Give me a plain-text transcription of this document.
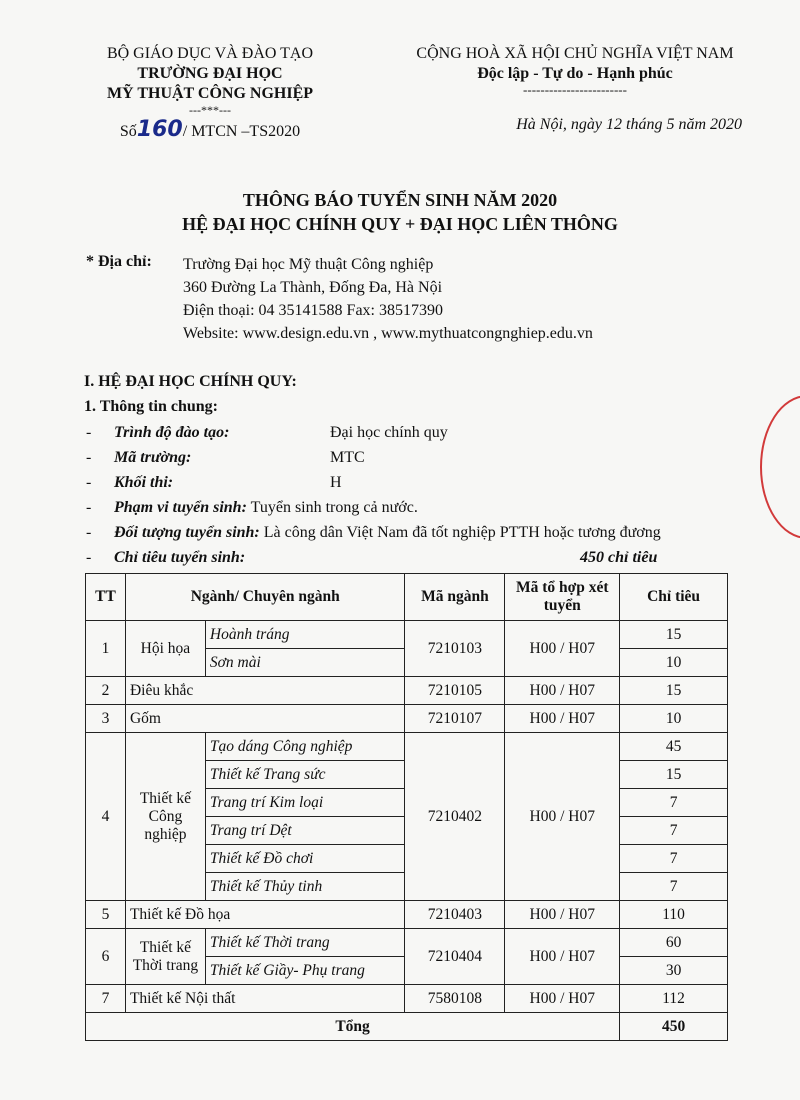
BỘ GIÁO DỤC VÀ ĐÀO TẠO
TRƯỜNG ĐẠI HỌC
MỸ THUẬT CÔNG NGHIỆP
---***---
Số160/ MTCN –TS2020
CỘNG HOÀ XÃ HỘI CHỦ NGHĨA VIỆT NAM
Độc lập - Tự do - Hạnh phúc
------------------------
Hà Nội, ngày 12 tháng 5 năm 2020
THÔNG BÁO TUYỂN SINH NĂM 2020
HỆ ĐẠI HỌC CHÍNH QUY + ĐẠI HỌC LIÊN THÔNG
* Địa chỉ: Trường Đại học Mỹ thuật Công nghiệp
360 Đường La Thành, Đống Đa, Hà Nội
Điện thoại: 04 35141588 Fax: 38517390
Website: www.design.edu.vn , www.mythuatcongnghiep.edu.vn
I. HỆ ĐẠI HỌC CHÍNH QUY:
1. Thông tin chung:
- Trình độ đào tạo:	Đại học chính quy
- Mã trường:	MTC
- Khối thi:	H
- Phạm vi tuyển sinh: Tuyển sinh trong cả nước.
- Đối tượng tuyển sinh: Là công dân Việt Nam đã tốt nghiệp PTTH hoặc tương đương
- Chỉ tiêu tuyển sinh:	450 chỉ tiêu
TT	Ngành/ Chuyên ngành		Mã ngành	Mã tổ hợp xét tuyển	Chỉ tiêu
1	Hội họa	Hoành tráng	7210103	H00 / H07	15
		Sơn mài			10
2	Điêu khắc		7210105	H00 / H07	15
3	Gốm		7210107	H00 / H07	10
4	Thiết kế
Công
nghiệp	Tạo dáng Công nghiệp	7210402	H00 / H07	45
		Thiết kế Trang sức			15
		Trang trí Kim loại			7
		Trang trí Dệt			7
		Thiết kế Đồ chơi			7
		Thiết kế Thủy tinh			7
5	Thiết kế Đồ họa		7210403	H00 / H07	110
6	Thiết kế
Thời trang	Thiết kế Thời trang	7210404	H00 / H07	60
		Thiết kế Giầy- Phụ trang			30
7	Thiết kế Nội thất		7580108	H00 / H07	112
Tổng					450
